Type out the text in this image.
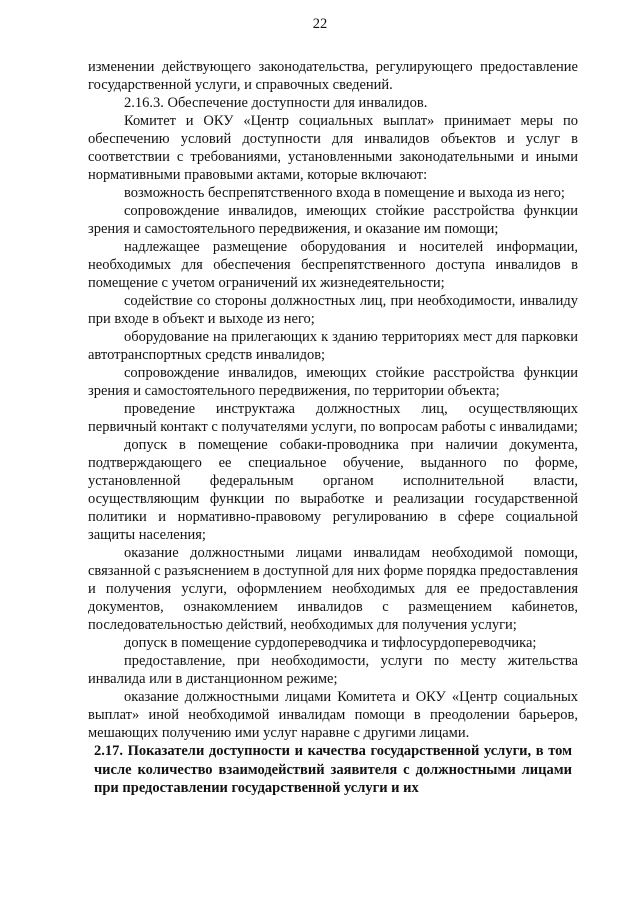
22

изменении действующего законодательства, регулирующего предоставление государственной услуги, и справочных сведений.

2.16.3. Обеспечение доступности для инвалидов.

Комитет и ОКУ «Центр социальных выплат» принимает меры по обеспечению условий доступности для инвалидов объектов и услуг в соответствии с требованиями, установленными законодательными и иными нормативными правовыми актами, которые включают:

возможность беспрепятственного входа в помещение и выхода из него;

сопровождение инвалидов, имеющих стойкие расстройства функции зрения и самостоятельного передвижения, и оказание им помощи;

надлежащее размещение оборудования и носителей информации, необходимых для обеспечения беспрепятственного доступа инвалидов в помещение с учетом ограничений их жизнедеятельности;

содействие со стороны должностных лиц, при необходимости, инвалиду при входе в объект и выходе из него;

оборудование на прилегающих к зданию территориях мест для парковки автотранспортных средств инвалидов;

сопровождение инвалидов, имеющих стойкие расстройства функции зрения и самостоятельного передвижения, по территории объекта;

проведение инструктажа должностных лиц, осуществляющих первичный контакт с получателями услуги, по вопросам работы с инвалидами;

допуск в помещение собаки-проводника при наличии документа, подтверждающего ее специальное обучение, выданного по форме, установленной федеральным органом исполнительной власти, осуществляющим функции по выработке и реализации государственной политики и нормативно-правовому регулированию в сфере социальной защиты населения;

оказание должностными лицами инвалидам необходимой помощи, связанной с разъяснением в доступной для них форме порядка предоставления и получения услуги, оформлением необходимых для ее предоставления документов, ознакомлением инвалидов с размещением кабинетов, последовательностью действий, необходимых для получения услуги;

допуск в помещение сурдопереводчика и тифлосурдопереводчика;

предоставление, при необходимости, услуги по месту жительства инвалида или в дистанционном режиме;

оказание должностными лицами Комитета и ОКУ «Центр социальных выплат» иной необходимой инвалидам помощи в преодолении барьеров, мешающих получению ими услуг наравне с другими лицами.

2.17. Показатели доступности и качества государственной услуги, в том числе количество взаимодействий заявителя с должностными лицами при предоставлении государственной услуги и их
